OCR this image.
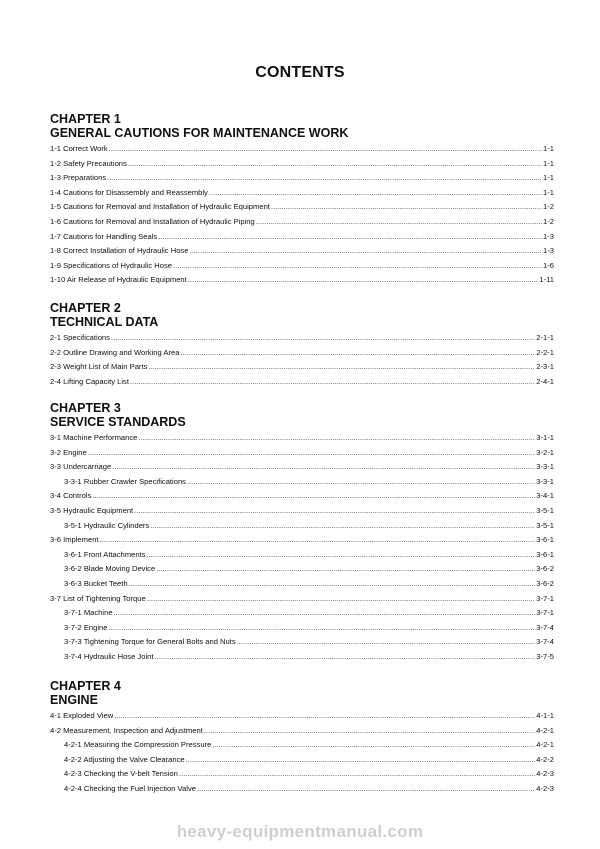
CONTENTS
CHAPTER 1
GENERAL CAUTIONS FOR MAINTENANCE WORK
1-1 Correct Work .....	1-1
1-2 Safety Precautions .....	1-1
1-3 Preparations .....	1-1
1-4 Cautions for Disassembly and Reassembly .....	1-1
1-5 Cautions for Removal and Installation of Hydraulic Equipment .....	1-2
1-6 Cautions for Removal and Installation of Hydraulic Piping .....	1-2
1-7 Cautions for Handling Seals .....	1-3
1-8 Correct Installation of Hydraulic Hose .....	1-3
1-9 Specifications of Hydraulic Hose .....	1-6
1-10 Air Release of Hydraulic Equipment .....	1-11
CHAPTER 2
TECHNICAL DATA
2-1 Specifications .....	2-1-1
2-2 Outline Drawing and Working Area .....	2-2-1
2-3 Weight List of Main Parts .....	2-3-1
2-4 Lifting Capacity List .....	2-4-1
CHAPTER 3
SERVICE STANDARDS
3-1 Machine Performance .....	3-1-1
3-2 Engine .....	3-2-1
3-3 Undercarriage .....	3-3-1
3-3-1 Rubber Crawler Specifications .....	3-3-1
3-4 Controls .....	3-4-1
3-5 Hydraulic Equipment .....	3-5-1
3-5-1 Hydraulic Cylinders .....	3-5-1
3-6 Implement .....	3-6-1
3-6-1 Front Attachments .....	3-6-1
3-6-2 Blade Moving Device .....	3-6-2
3-6-3 Bucket Teeth .....	3-6-2
3-7 List of Tightening Torque .....	3-7-1
3-7-1 Machine .....	3-7-1
3-7-2 Engine .....	3-7-4
3-7-3 Tightening Torque for General Bolts and Nuts .....	3-7-4
3-7-4 Hydraulic Hose Joint .....	3-7-5
CHAPTER 4
ENGINE
4-1 Exploded View .....	4-1-1
4-2 Measurement, Inspection and Adjustment .....	4-2-1
4-2-1 Measuring the Compression Pressure .....	4-2-1
4-2-2 Adjusting the Valve Clearance .....	4-2-2
4-2-3 Checking the V-belt Tension .....	4-2-3
4-2-4 Checking the Fuel Injection Valve .....	4-2-3
heavy-equipmentmanual.com
